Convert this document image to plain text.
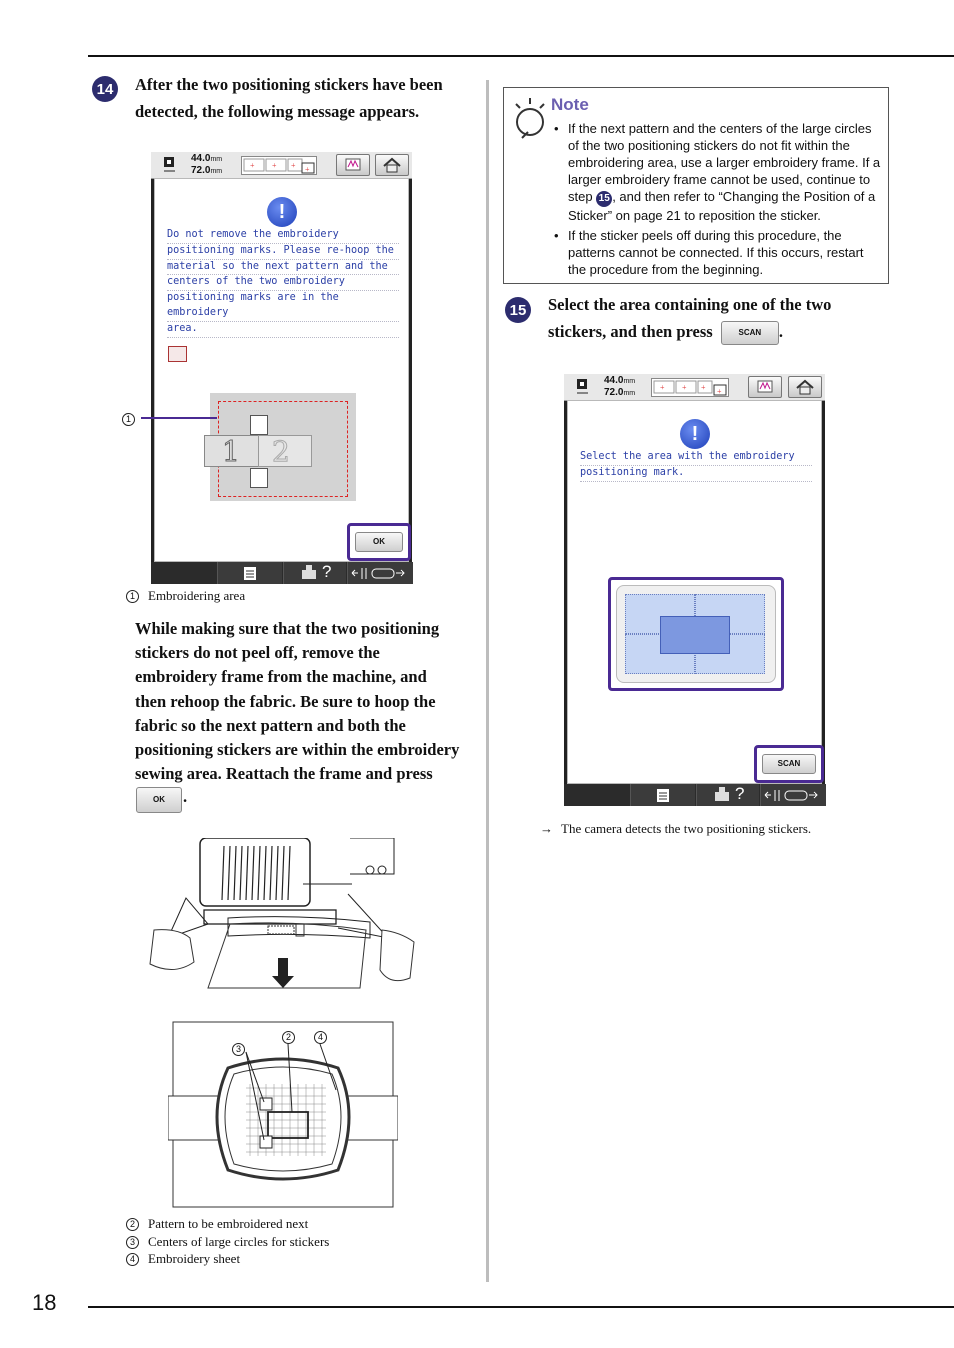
18
14 After the two positioning stickers have been
detected, the following message appears.
44.0mm
72.0mm
+ + + +
!
Do not remove the embroidery
positioning marks. Please re-hoop the
material so the next pattern and the
centers of the two embroidery
positioning marks are in the embroidery
area.
1 2
OK
?
1
1 Embroidering area
While making sure that the two positioning
stickers do not peel off, remove the
embroidery frame from the machine, and
then rehoop the fabric. Be sure to hoop the
fabric so the next pattern and both the
positioning stickers are within the embroidery
sewing area. Reattach the frame and press
OK	.
3
2	4
2 Pattern to be embroidered next
3 Centers of large circles for stickers
4 Embroidery sheet
Note
• If the next pattern and the centers of the large circles of the two positioning stickers do not fit within the embroidering area, use a larger embroidery frame. If a larger embroidery frame cannot be used, continue to step 15 , and then refer to “Changing the Position of a Sticker” on page 21 to reposition the sticker.
• If the sticker peels off during this procedure, the patterns cannot be connected. If this occurs, restart the procedure from the beginning.
15 Select the area containing one of the two
stickers, and then press	SCAN .
44.0mm
72.0mm
+ + + +
!
Select the area with the embroidery
positioning mark.
SCAN
?
→ The camera detects the two positioning stickers.
